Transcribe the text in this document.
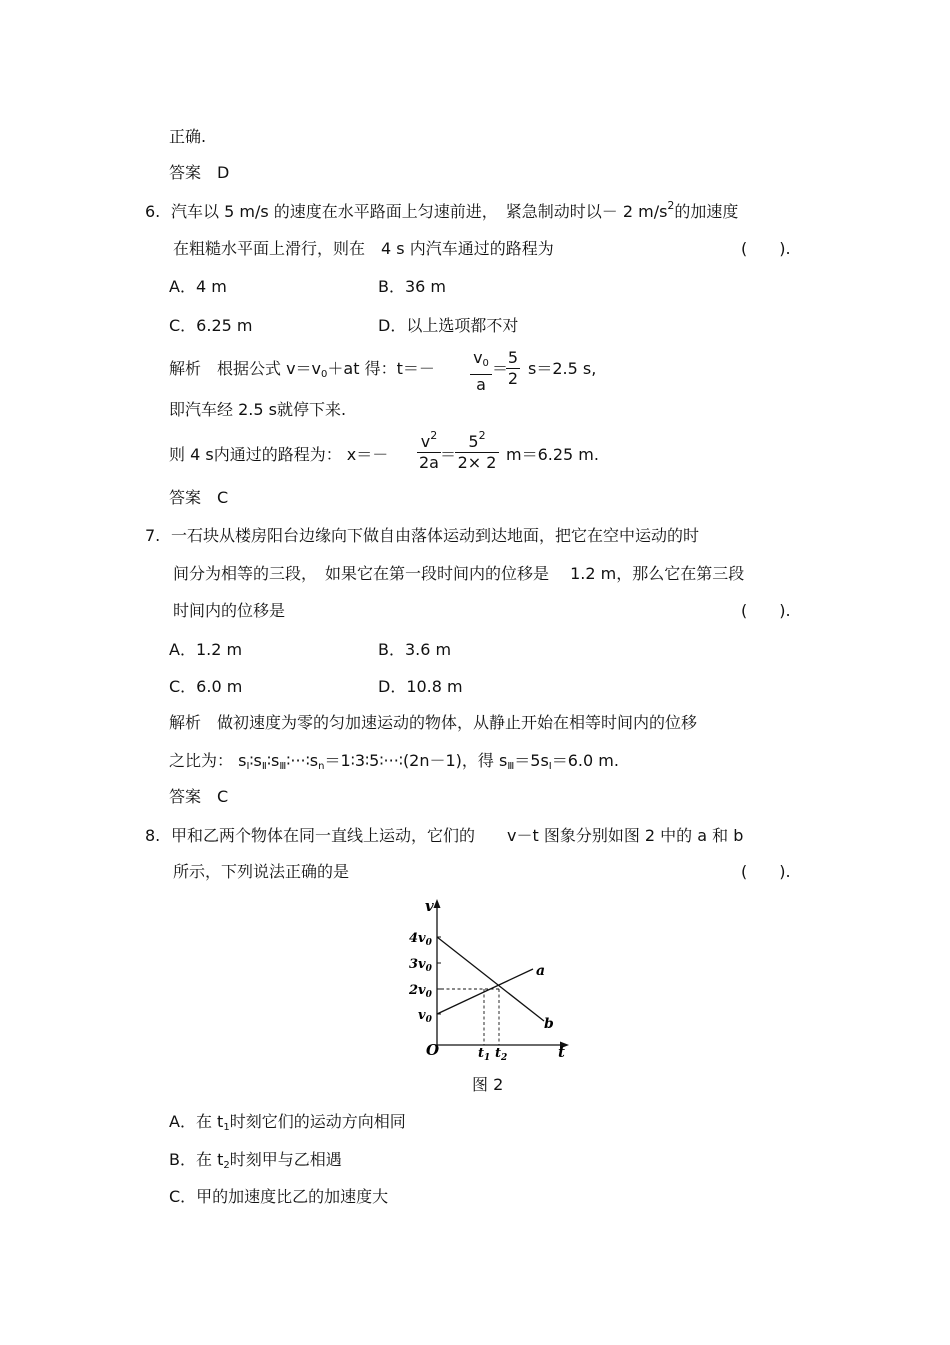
正确.
答案　D
6. 汽车以 5 m/s 的速度在水平路面上匀速前进，　紧急制动时以－ 2 $m/s^2$的加速度
在粗糙水平面上滑行，则在　4 s 内汽车通过的路程为	(　　).
A．4 m	B．36 m
C．6.25 m	D．以上选项都不对
解析　根据公式 $v=v_0+at$ 得：$t=- \frac{v_0}{a}$ ＝
$\frac{5}{2} s=2.5$ s,
即汽车经 2.5 s就停下来.
则 4 s内通过的路程为： $x=- \frac{v^2}{2a}$ ＝
$\frac{5^2}{2\times 2} m=6.25$ m.
答案　C
7. 一石块从楼房阳台边缘向下做自由落体运动到达地面，把它在空中运动的时
间分为相等的三段，　如果它在第一段时间内的位移是　 1.2 m，那么它在第三段
时间内的位移是	(　　).
A．1.2 m	B．3.6 m
C．6.0 m	D．10.8 m
解析　做初速度为零的匀加速运动的物体，从静止开始在相等时间内的位移
之比为： $s_Ⅰ∶s_Ⅱ∶s_Ⅲ∶\cdot\cdot\cdot∶s_n=1∶3∶5∶\cdot\cdot\cdot∶(2n-1)$，得 $s_Ⅲ=5s_Ⅰ=6.0$ m.
答案　C
8. 甲和乙两个物体在同一直线上运动，它们的　　v－t 图象分别如图 2 中的 a 和 b
所示，下列说法正确的是	(　　).
v
t
O
$4v_0$
$3v_0$
$2v_0$
$v_0$
$t_1$ $t_2$
a
b
图 2
A．在 $t_1$时刻它们的运动方向相同
B．在 $t_2$时刻甲与乙相遇
C．甲的加速度比乙的加速度大
